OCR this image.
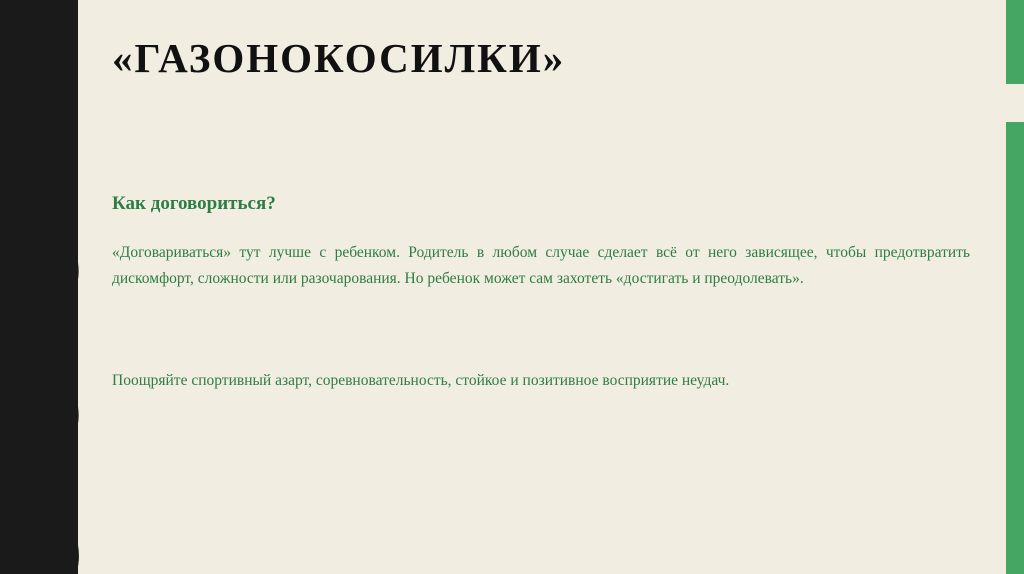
«ГАЗОНОКОСИЛКИ»
Как договориться?
«Договариваться» тут лучше с ребенком. Родитель в любом случае сделает всё от него зависящее, чтобы предотвратить дискомфорт, сложности или разочарования. Но ребенок может сам захотеть «достигать и преодолевать».
Поощряйте спортивный азарт, соревновательность, стойкое и позитивное восприятие неудач.
